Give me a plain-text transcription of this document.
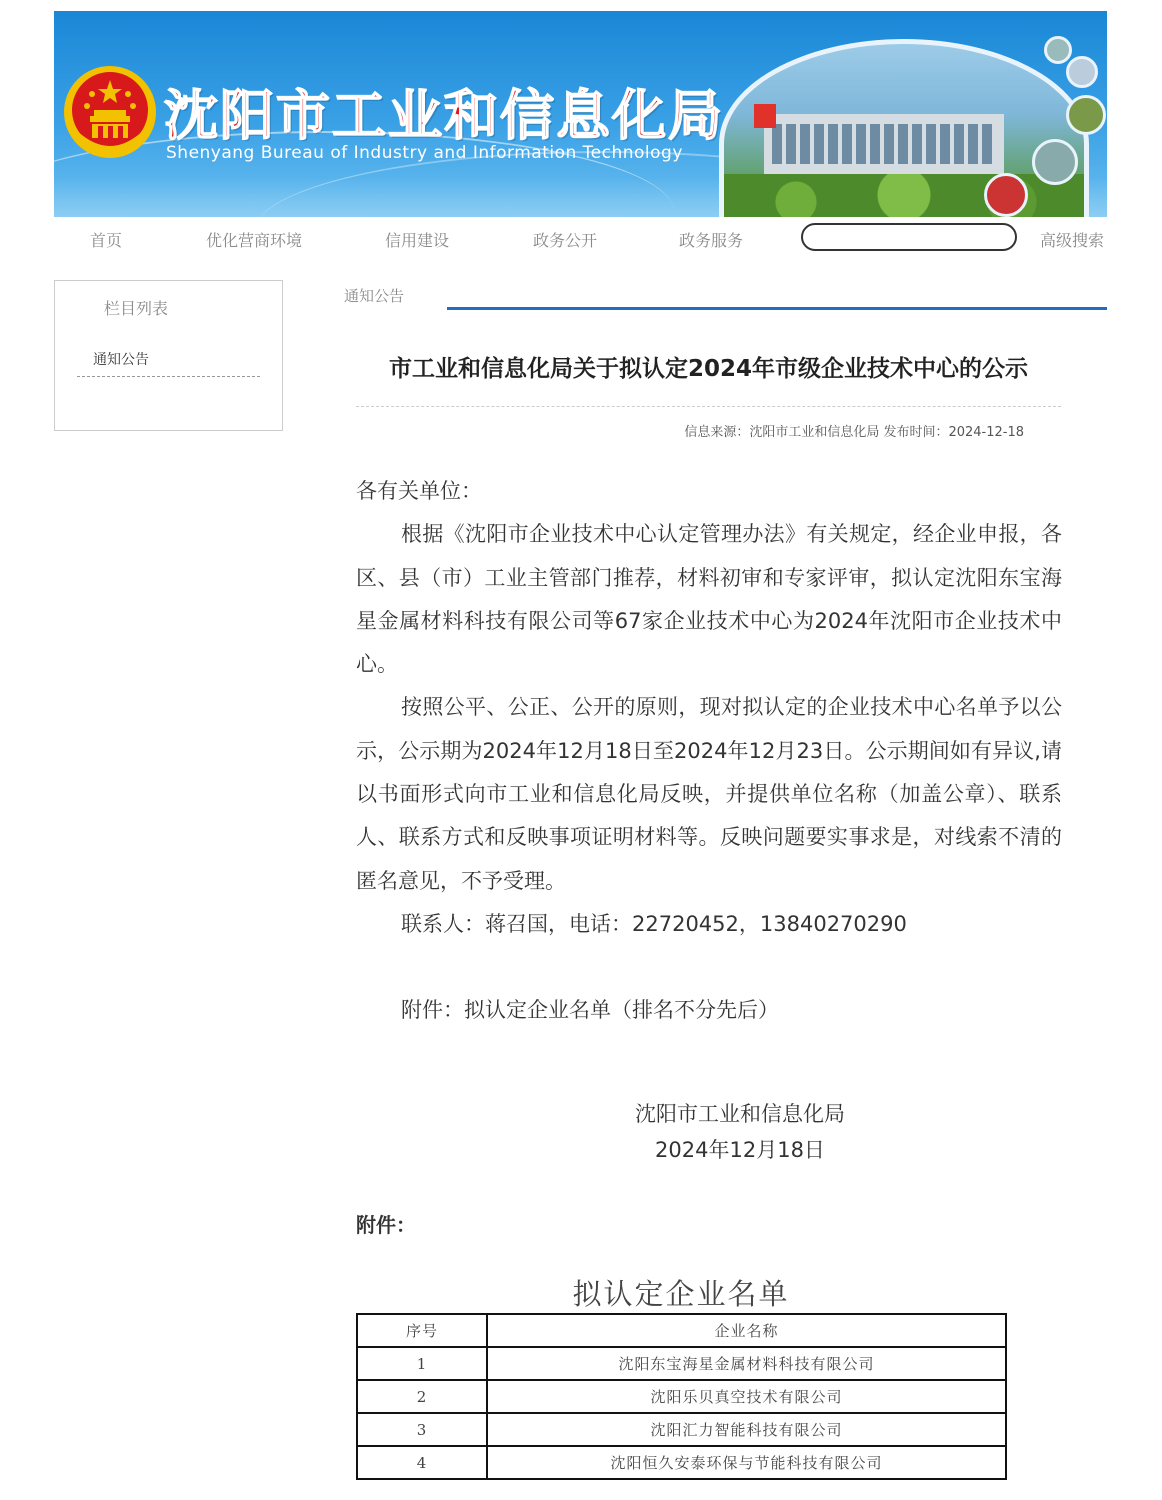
沈阳市工业和信息化局
Shenyang Bureau of Industry and Information Technology
首页	优化营商环境	信用建设	政务公开	政务服务	高级搜索
栏目列表
通知公告
通知公告
市工业和信息化局关于拟认定2024年市级企业技术中心的公示
信息来源：沈阳市工业和信息化局 发布时间：2024-12-18

各有关单位：

根据《沈阳市企业技术中心认定管理办法》有关规定，经企业申报，各区、县（市）工业主管部门推荐，材料初审和专家评审，拟认定沈阳东宝海星金属材料科技有限公司等67家企业技术中心为2024年沈阳市企业技术中心。

按照公平、公正、公开的原则，现对拟认定的企业技术中心名单予以公示，公示期为2024年12月18日至2024年12月23日。公示期间如有异议,请以书面形式向市工业和信息化局反映，并提供单位名称（加盖公章）、联系人、联系方式和反映事项证明材料等。反映问题要实事求是，对线索不清的匿名意见，不予受理。

联系人：蒋召国，电话：22720452，13840270290

附件：拟认定企业名单（排名不分先后）

沈阳市工业和信息化局
2024年12月18日
附件：
拟认定企业名单
序号	企业名称
1	沈阳东宝海星金属材料科技有限公司
2	沈阳乐贝真空技术有限公司
3	沈阳汇力智能科技有限公司
4	沈阳恒久安泰环保与节能科技有限公司
